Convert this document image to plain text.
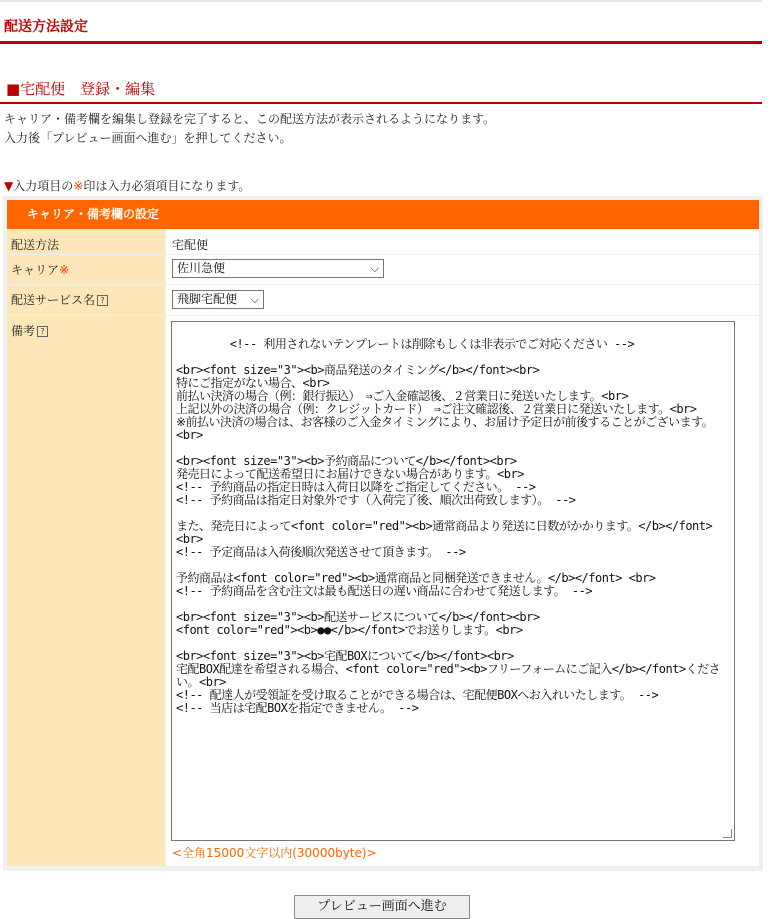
配送方法設定
■宅配便　登録・編集
キャリア・備考欄を編集し登録を完了すると、この配送方法が表示されるようになります。
入力後「プレビュー画面へ進む」を押してください。
▼入力項目の※印は入力必須項目になります。
キャリア・備考欄の設定
配送方法	宅配便
キャリア※	佐川急便	⌵
配送サービス名 ?	飛脚宅配便 ⌵
備考 ?

<!-- 利用されないテンプレートは削除もしくは非表示でご対応ください -->

<br><font size="3"><b>商品発送のタイミング</b></font><br>
特にご指定がない場合、<br>
前払い決済の場合（例：銀行振込）　⇒ご入金確認後、２営業日に発送いたします。<br>
上記以外の決済の場合（例：クレジットカード）　⇒ご注文確認後、２営業日に発送いたします。<br>
※前払い決済の場合は、お客様のご入金タイミングにより、お届け予定日が前後することがございます。<br>

<br><font size="3"><b>予約商品について</b></font><br>
発売日によって配送希望日にお届けできない場合があります。<br>
<!-- 予約商品の指定日時は入荷日以降をご指定してください。 -->
<!-- 予約商品は指定日対象外です（入荷完了後、順次出荷致します）。 -->

また、発売日によって<font color="red"><b>通常商品より発送に日数がかかります。</b></font> <br>
<!-- 予定商品は入荷後順次発送させて頂きます。 -->

予約商品は<font color="red"><b>通常商品と同梱発送できません。</b></font> <br>
<!-- 予約商品を含む注文は最も配送日の遅い商品に合わせて発送します。 -->

<br><font size="3"><b>配送サービスについて</b></font><br>
<font color="red"><b>●●</b></font>でお送りします。<br>

<br><font size="3"><b>宅配BOXについて</b></font><br>
宅配BOX配達を希望される場合、<font color="red"><b>フリーフォームにご記入</b></font>ください。<br>
<!-- 配達人が受領証を受け取ることができる場合は、宅配便BOXへお入れいたします。 -->
<!-- 当店は宅配BOXを指定できません。 -->

<全角15000文字以内(30000byte)>
プレビュー画面へ進む
